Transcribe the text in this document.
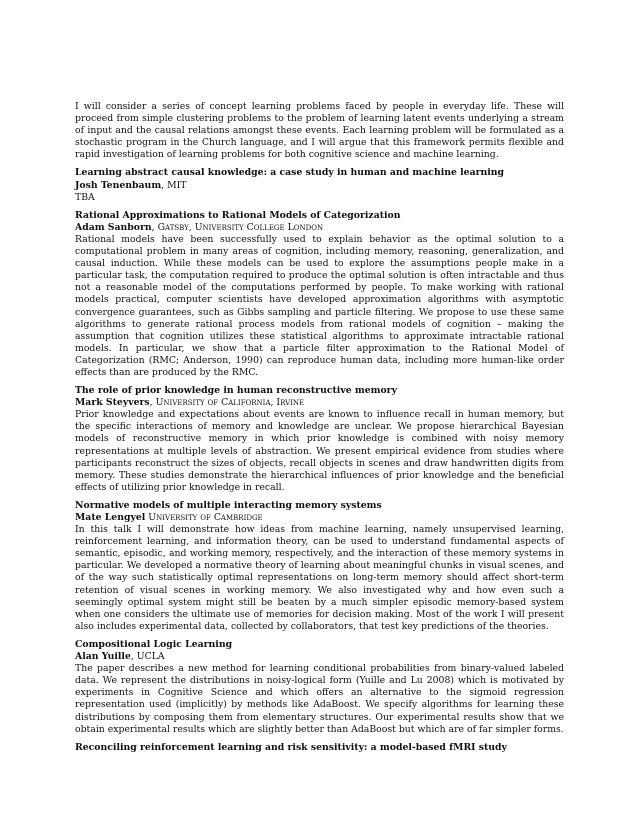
I will consider a series of concept learning problems faced by people in everyday life. These will proceed from simple clustering problems to the problem of learning latent events underlying a stream of input and the causal relations amongst these events. Each learning problem will be formulated as a stochastic program in the Church language, and I will argue that this framework permits flexible and rapid investigation of learning problems for both cognitive science and machine learning.

Learning abstract causal knowledge: a case study in human and machine learning

Josh Tenenbaum, MIT

TBA

Rational Approximations to Rational Models of Categorization

Adam Sanborn, Gatsby, University College London

Rational models have been successfully used to explain behavior as the optimal solution to a computational problem in many areas of cognition, including memory, reasoning, generalization, and causal induction. While these models can be used to explore the assumptions people make in a particular task, the computation required to produce the optimal solution is often intractable and thus not a reasonable model of the computations performed by people. To make working with rational models practical, computer scientists have developed approximation algorithms with asymptotic convergence guarantees, such as Gibbs sampling and particle filtering. We propose to use these same algorithms to generate rational process models from rational models of cognition – making the assumption that cognition utilizes these statistical algorithms to approximate intractable rational models. In particular, we show that a particle filter approximation to the Rational Model of Categorization (RMC; Anderson, 1990) can reproduce human data, including more human-like order effects than are produced by the RMC.

The role of prior knowledge in human reconstructive memory

Mark Steyvers, University of California, Irvine

Prior knowledge and expectations about events are known to influence recall in human memory, but the specific interactions of memory and knowledge are unclear. We propose hierarchical Bayesian models of reconstructive memory in which prior knowledge is combined with noisy memory representations at multiple levels of abstraction. We present empirical evidence from studies where participants reconstruct the sizes of objects, recall objects in scenes and draw handwritten digits from memory. These studies demonstrate the hierarchical influences of prior knowledge and the beneficial effects of utilizing prior knowledge in recall.

Normative models of multiple interacting memory systems

Mate Lengyel University of Cambridge

In this talk I will demonstrate how ideas from machine learning, namely unsupervised learning, reinforcement learning, and information theory, can be used to understand fundamental aspects of semantic, episodic, and working memory, respectively, and the interaction of these memory systems in particular. We developed a normative theory of learning about meaningful chunks in visual scenes, and of the way such statistically optimal representations on long-term memory should affect short-term retention of visual scenes in working memory. We also investigated why and how even such a seemingly optimal system might still be beaten by a much simpler episodic memory-based system when one considers the ultimate use of memories for decision making. Most of the work I will present also includes experimental data, collected by collaborators, that test key predictions of the theories.

Compositional Logic Learning

Alan Yuille, UCLA

The paper describes a new method for learning conditional probabilities from binary-valued labeled data. We represent the distributions in noisy-logical form (Yuille and Lu 2008) which is motivated by experiments in Cognitive Science and which offers an alternative to the sigmoid regression representation used (implicitly) by methods like AdaBoost. We specify algorithms for learning these distributions by composing them from elementary structures. Our experimental results show that we obtain experimental results which are slightly better than AdaBoost but which are of far simpler forms.

Reconciling reinforcement learning and risk sensitivity: a model-based fMRI study
